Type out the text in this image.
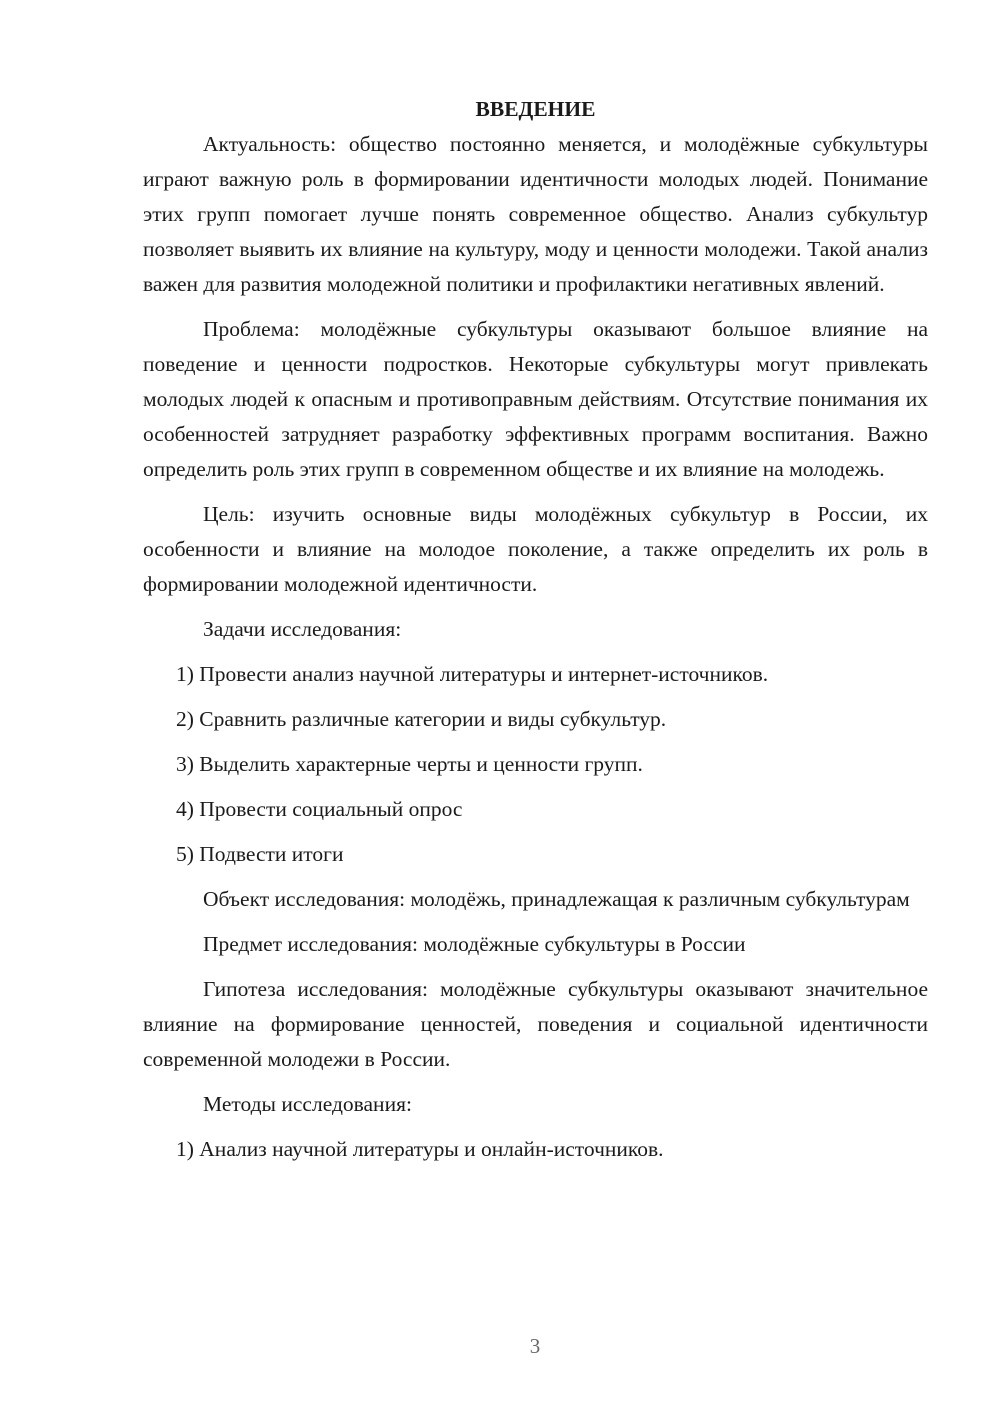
ВВЕДЕНИЕ

Актуальность: общество постоянно меняется, и молодёжные субкультуры играют важную роль в формировании идентичности молодых людей. Понимание этих групп помогает лучше понять современное общество. Анализ субкультур позволяет выявить их влияние на культуру, моду и ценности молодежи. Такой анализ важен для развития молодежной политики и профилактики негативных явлений.

Проблема: молодёжные субкультуры оказывают большое влияние на поведение и ценности подростков. Некоторые субкультуры могут привлекать молодых людей к опасным и противоправным действиям. Отсутствие понимания их особенностей затрудняет разработку эффективных программ воспитания. Важно определить роль этих групп в современном обществе и их влияние на молодежь.

Цель: изучить основные виды молодёжных субкультур в России, их особенности и влияние на молодое поколение, а также определить их роль в формировании молодежной идентичности.

Задачи исследования:

1) Провести анализ научной литературы и интернет-источников.

2) Сравнить различные категории и виды субкультур.

3) Выделить характерные черты и ценности групп.

4) Провести социальный опрос

5) Подвести итоги

Объект исследования: молодёжь, принадлежащая к различным субкультурам

Предмет исследования: молодёжные субкультуры в России

Гипотеза исследования: молодёжные субкультуры оказывают значительное влияние на формирование ценностей, поведения и социальной идентичности современной молодежи в России.

Методы исследования:

1) Анализ научной литературы и онлайн-источников.

3
